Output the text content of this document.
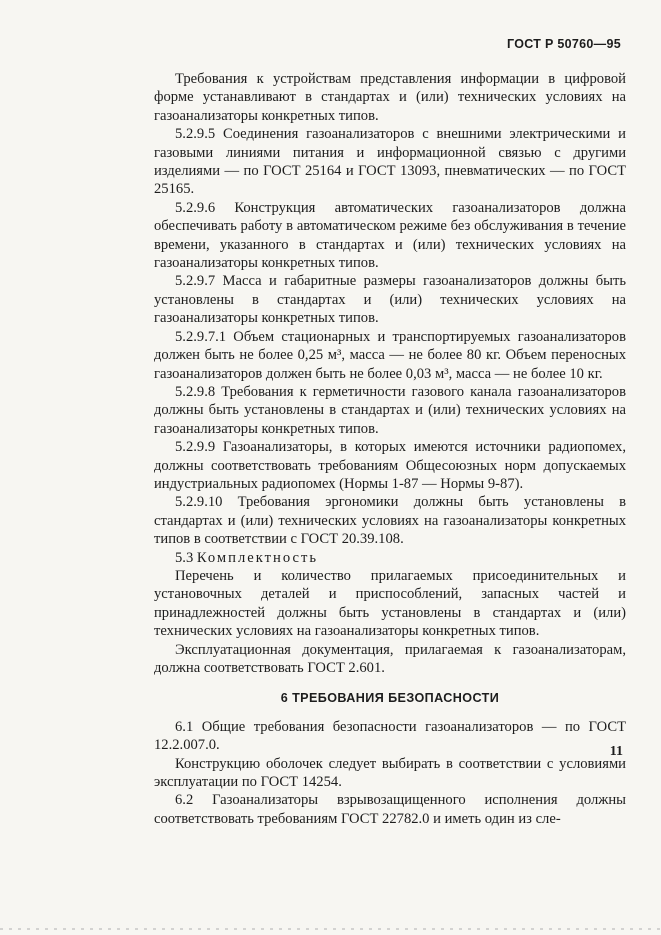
ГОСТ Р 50760—95

Требования к устройствам представления информации в цифровой форме устанавливают в стандартах и (или) технических условиях на газоанализаторы конкретных типов.

5.2.9.5 Соединения газоанализаторов с внешними электрическими и газовыми линиями питания и информационной связью с другими изделиями — по ГОСТ 25164 и ГОСТ 13093, пневматических — по ГОСТ 25165.

5.2.9.6 Конструкция автоматических газоанализаторов должна обеспечивать работу в автоматическом режиме без обслуживания в течение времени, указанного в стандартах и (или) технических условиях на газоанализаторы конкретных типов.

5.2.9.7 Масса и габаритные размеры газоанализаторов должны быть установлены в стандартах и (или) технических условиях на газоанализаторы конкретных типов.

5.2.9.7.1 Объем стационарных и транспортируемых газоанализаторов должен быть не более 0,25 м³, масса — не более 80 кг. Объем переносных газоанализаторов должен быть не более 0,03 м³, масса — не более 10 кг.

5.2.9.8 Требования к герметичности газового канала газоанализаторов должны быть установлены в стандартах и (или) технических условиях на газоанализаторы конкретных типов.

5.2.9.9 Газоанализаторы, в которых имеются источники радиопомех, должны соответствовать требованиям Общесоюзных норм допускаемых индустриальных радиопомех (Нормы 1-87 — Нормы 9-87).

5.2.9.10 Требования эргономики должны быть установлены в стандартах и (или) технических условиях на газоанализаторы конкретных типов в соответствии с ГОСТ 20.39.108.

5.3 Комплектность

Перечень и количество прилагаемых присоединительных и установочных деталей и приспособлений, запасных частей и принадлежностей должны быть установлены в стандартах и (или) технических условиях на газоанализаторы конкретных типов.

Эксплуатационная документация, прилагаемая к газоанализаторам, должна соответствовать ГОСТ 2.601.

6 ТРЕБОВАНИЯ БЕЗОПАСНОСТИ

6.1 Общие требования безопасности газоанализаторов — по ГОСТ 12.2.007.0.

Конструкцию оболочек следует выбирать в соответствии с условиями эксплуатации по ГОСТ 14254.

6.2 Газоанализаторы взрывозащищенного исполнения должны соответствовать требованиям ГОСТ 22782.0 и иметь один из сле-

11
